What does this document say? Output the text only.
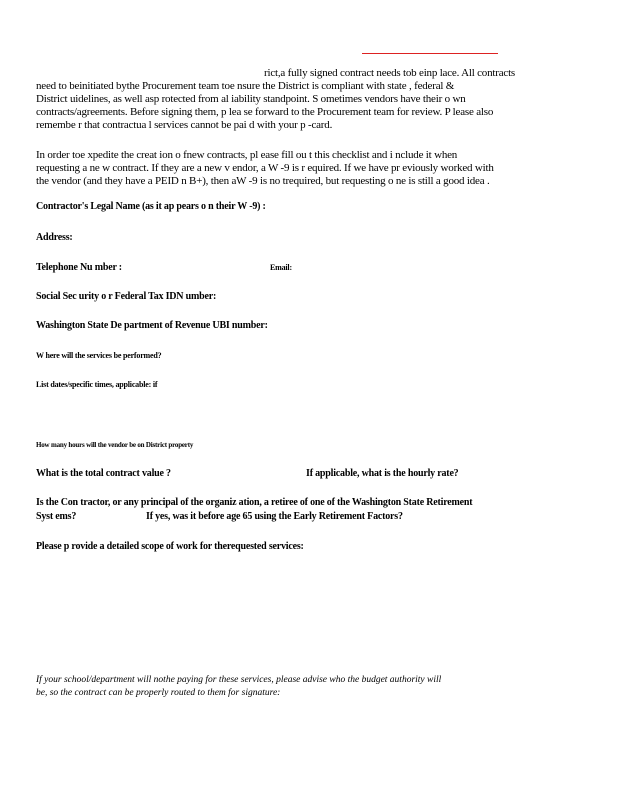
rict,a fully signed contract needs tob einp lace. All contracts
need to beinitiated bythe Procurement team toe nsure the District is compliant with state , federal &
District uidelines, as well asp rotected from al iability standpoint. S ometimes vendors have their o wn
contracts/agreements. Before signing them, p lea se forward to the Procurement team for review. P lease also
remembe r that contractua l services cannot be pai d with your p -card.
In order toe xpedite the creat ion o fnew contracts, pl ease fill ou t this checklist and i nclude it when
requesting a ne w contract. If they are a new v endor, a W -9 is r equired. If we have pr eviously worked with
the vendor (and they have a PEID n B+), then aW -9 is no trequired, but requesting o ne is still a good idea .
Contractor's Legal Name (as it ap pears o n their W -9) :
Address:
Telephone Nu mber :	Email:
Social Sec urity o r Federal Tax IDN umber:
Washington State De partment of Revenue UBI number:
W here will the services be performed?
List dates/specific times, applicable: if
How many hours will the vendor be on District property
What is the total contract value ?	If applicable, what is the hourly rate?
Is the Con tractor, or any principal of the organiz ation, a retiree of one of the Washington State Retirement
Syst ems?	If yes, was it before age 65 using the Early Retirement Factors?
Please p rovide a detailed scope of work for therequested services:
If your school/department will nothe paying for these services, please advise who the budget authority will
be, so the contract can be properly routed to them for signature:
